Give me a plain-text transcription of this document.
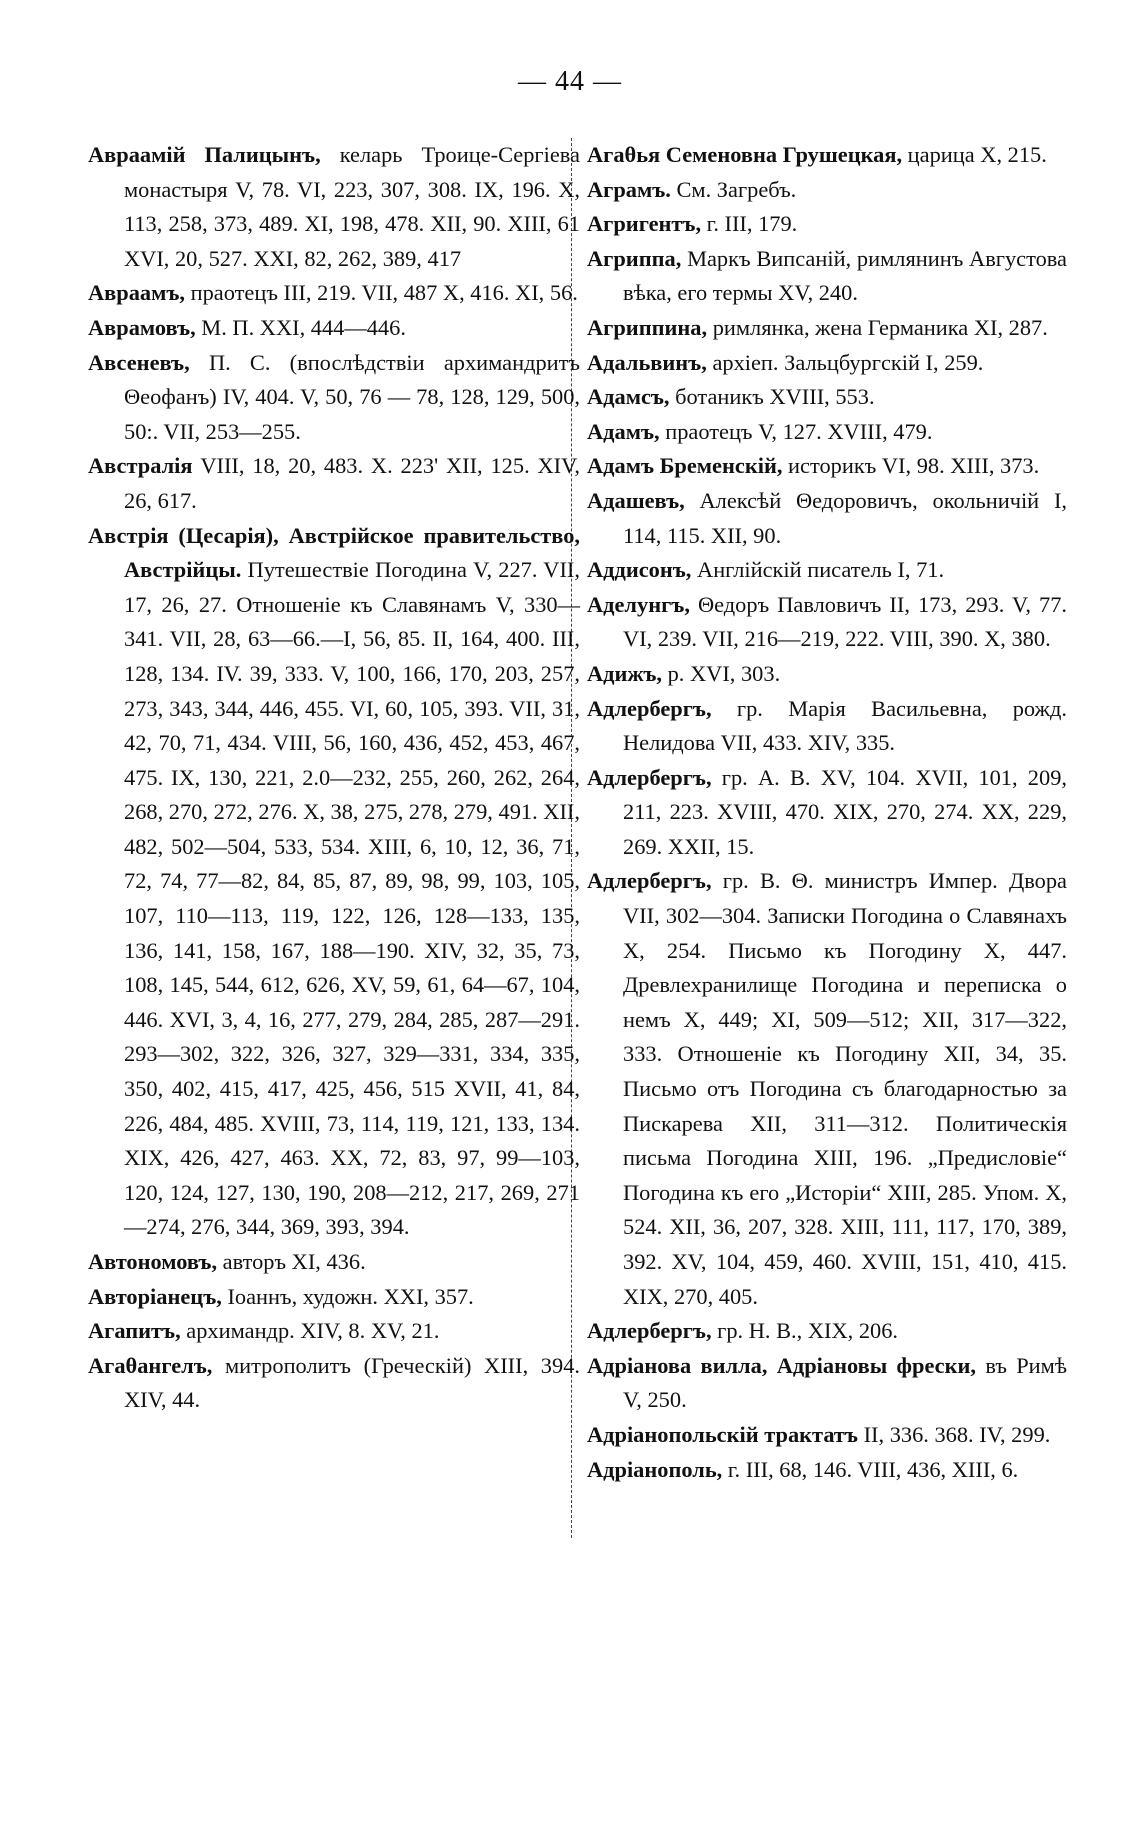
— 44 —
Авраамій Палицынъ, келарь Троице-Сергіева монастыря V, 78. VI, 223, 307, 308. IX, 196. X, 113, 258, 373, 489. XI, 198, 478. XII, 90. XIII, 61 XVI, 20, 527. XXI, 82, 262, 389, 417
Авраамъ, праотецъ III, 219. VII, 487 X, 416. XI, 56.
Аврамовъ, М. П. XXI, 444—446.
Авсеневъ, П. С. (впослѣдствіи архимандритъ Θеофанъ) IV, 404. V, 50, 76 — 78, 128, 129, 500, 50:. VII, 253—255.
Австралія VIII, 18, 20, 483. X. 223' XII, 125. XIV, 26, 617.
Австрія (Цесарія), Австрійское правительство, Австрійцы. Путешествіе Погодина V, 227. VII, 17, 26, 27. Отношеніе къ Славянамъ V, 330—341. VII, 28, 63—66.—I, 56, 85. II, 164, 400. III, 128, 134. IV. 39, 333. V, 100, 166, 170, 203, 257, 273, 343, 344, 446, 455. VI, 60, 105, 393. VII, 31, 42, 70, 71, 434. VIII, 56, 160, 436, 452, 453, 467, 475. IX, 130, 221, 2.0—232, 255, 260, 262, 264, 268, 270, 272, 276. X, 38, 275, 278, 279, 491. XII, 482, 502—504, 533, 534. XIII, 6, 10, 12, 36, 71, 72, 74, 77—82, 84, 85, 87, 89, 98, 99, 103, 105, 107, 110—113, 119, 122, 126, 128—133, 135, 136, 141, 158, 167, 188—190. XIV, 32, 35, 73, 108, 145, 544, 612, 626, XV, 59, 61, 64—67, 104, 446. XVI, 3, 4, 16, 277, 279, 284, 285, 287—291. 293—302, 322, 326, 327, 329—331, 334, 335, 350, 402, 415, 417, 425, 456, 515 XVII, 41, 84, 226, 484, 485. XVIII, 73, 114, 119, 121, 133, 134. XIX, 426, 427, 463. XX, 72, 83, 97, 99—103, 120, 124, 127, 130, 190, 208—212, 217, 269, 271—274, 276, 344, 369, 393, 394.
Автономовъ, авторъ XI, 436.
Авторіанецъ, Іоаннъ, художн. XXI, 357.
Агапитъ, архимандр. XIV, 8. XV, 21.
Агаθангелъ, митрополитъ (Греческій) XIII, 394. XIV, 44.
Агаθья Семеновна Грушецкая, царица X, 215.
Аграмъ. См. Загребъ.
Агригентъ, г. III, 179.
Агриппа, Маркъ Випсаній, римлянинъ Августова вѣка, его термы XV, 240.
Агриппина, римлянка, жена Германика XI, 287.
Адальвинъ, архіеп. Зальцбургскій I, 259.
Адамсъ, ботаникъ XVIII, 553.
Адамъ, праотецъ V, 127. XVIII, 479.
Адамъ Бременскій, историкъ VI, 98. XIII, 373.
Адашевъ, Алексѣй Θедоровичъ, окольничій I, 114, 115. XII, 90.
Аддисонъ, Англійскій писатель I, 71.
Аделунгъ, Θедоръ Павловичъ II, 173, 293. V, 77. VI, 239. VII, 216—219, 222. VIII, 390. X, 380.
Адижъ, р. XVI, 303.
Адлербергъ, гр. Марія Васильевна, рожд. Нелидова VII, 433. XIV, 335.
Адлербергъ, гр. А. В. XV, 104. XVII, 101, 209, 211, 223. XVIII, 470. XIX, 270, 274. XX, 229, 269. XXII, 15.
Адлербергъ, гр. В. Θ. министръ Импер. Двора VII, 302—304. Записки Погодина о Славянахъ X, 254. Письмо къ Погодину X, 447. Древлехранилище Погодина и переписка о немъ X, 449; XI, 509—512; XII, 317—322, 333. Отношеніе къ Погодину XII, 34, 35. Письмо отъ Погодина съ благодарностью за Пискарева XII, 311—312. Политическія письма Погодина XIII, 196. „Предисловіе“ Погодина къ его „Исторіи“ XIII, 285. Упом. X, 524. XII, 36, 207, 328. XIII, 111, 117, 170, 389, 392. XV, 104, 459, 460. XVIII, 151, 410, 415. XIX, 270, 405.
Адлербергъ, гр. Н. В., XIX, 206.
Адріанова вилла, Адріановы фрески, въ Римѣ V, 250.
Адріанопольскій трактатъ II, 336. 368. IV, 299.
Адріанополь, г. III, 68, 146. VIII, 436, XIII, 6.
